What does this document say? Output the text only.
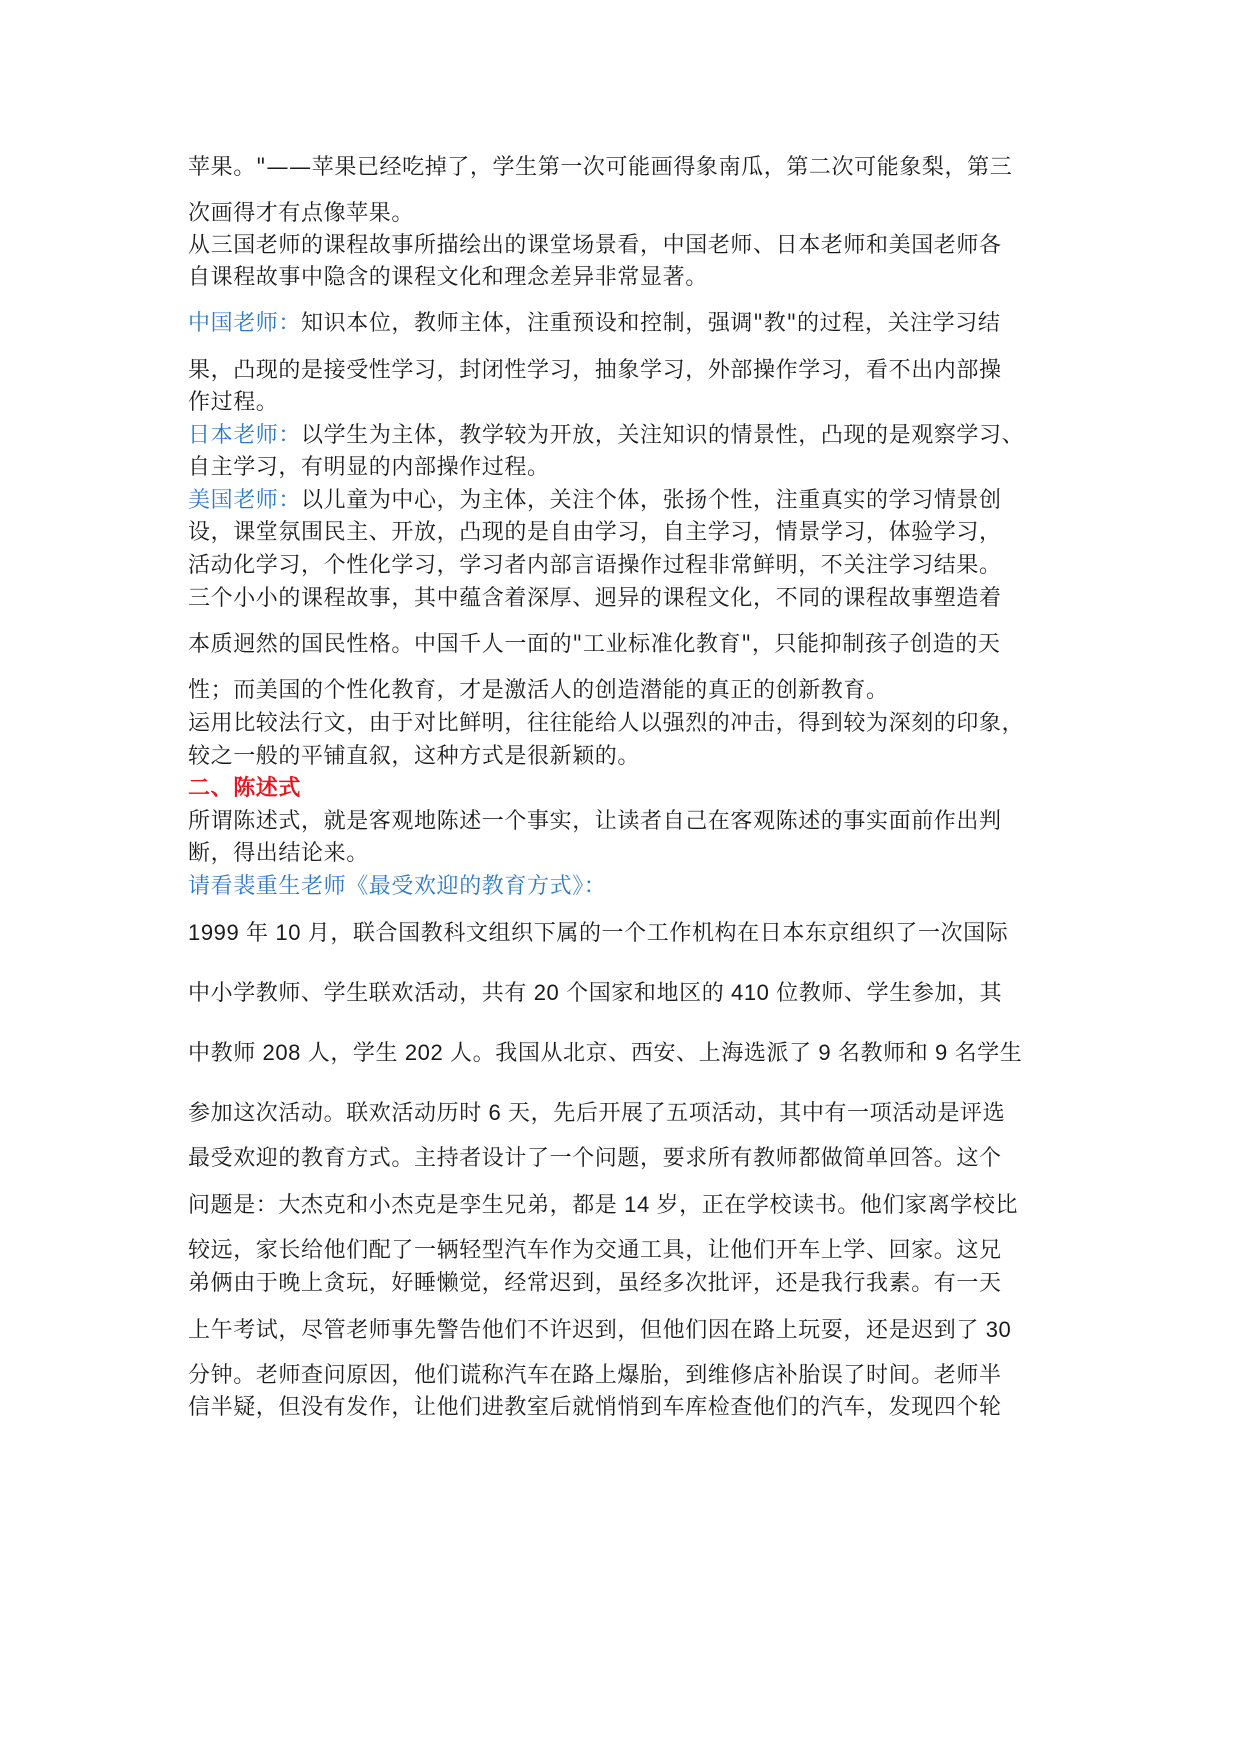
苹果。"——苹果已经吃掉了，学生第一次可能画得象南瓜，第二次可能象梨，第三
次画得才有点像苹果。
从三国老师的课程故事所描绘出的课堂场景看，中国老师、日本老师和美国老师各
自课程故事中隐含的课程文化和理念差异非常显著。
中国老师：知识本位，教师主体，注重预设和控制，强调"教"的过程，关注学习结
果，凸现的是接受性学习，封闭性学习，抽象学习，外部操作学习，看不出内部操
作过程。
日本老师：以学生为主体，教学较为开放，关注知识的情景性，凸现的是观察学习、
自主学习，有明显的内部操作过程。
美国老师：以儿童为中心，为主体，关注个体，张扬个性，注重真实的学习情景创
设，课堂氛围民主、开放，凸现的是自由学习，自主学习，情景学习，体验学习，
活动化学习，个性化学习，学习者内部言语操作过程非常鲜明，不关注学习结果。
三个小小的课程故事，其中蕴含着深厚、迥异的课程文化，不同的课程故事塑造着
本质迥然的国民性格。中国千人一面的"工业标准化教育"，只能抑制孩子创造的天
性；而美国的个性化教育，才是激活人的创造潜能的真正的创新教育。
运用比较法行文，由于对比鲜明，往往能给人以强烈的冲击，得到较为深刻的印象，
较之一般的平铺直叙，这种方式是很新颖的。
二、陈述式
所谓陈述式，就是客观地陈述一个事实，让读者自己在客观陈述的事实面前作出判
断，得出结论来。
请看裴重生老师《最受欢迎的教育方式》：
1999 年 10 月，联合国教科文组织下属的一个工作机构在日本东京组织了一次国际
中小学教师、学生联欢活动，共有 20 个国家和地区的 410 位教师、学生参加，其
中教师 208 人，学生 202 人。我国从北京、西安、上海选派了 9 名教师和 9 名学生
参加这次活动。联欢活动历时 6 天，先后开展了五项活动，其中有一项活动是评选
最受欢迎的教育方式。主持者设计了一个问题，要求所有教师都做简单回答。这个
问题是：大杰克和小杰克是孪生兄弟，都是 14 岁，正在学校读书。他们家离学校比
较远，家长给他们配了一辆轻型汽车作为交通工具，让他们开车上学、回家。这兄
弟俩由于晚上贪玩，好睡懒觉，经常迟到，虽经多次批评，还是我行我素。有一天
上午考试，尽管老师事先警告他们不许迟到，但他们因在路上玩耍，还是迟到了 30
分钟。老师查问原因，他们谎称汽车在路上爆胎，到维修店补胎误了时间。老师半
信半疑，但没有发作，让他们进教室后就悄悄到车库检查他们的汽车，发现四个轮
